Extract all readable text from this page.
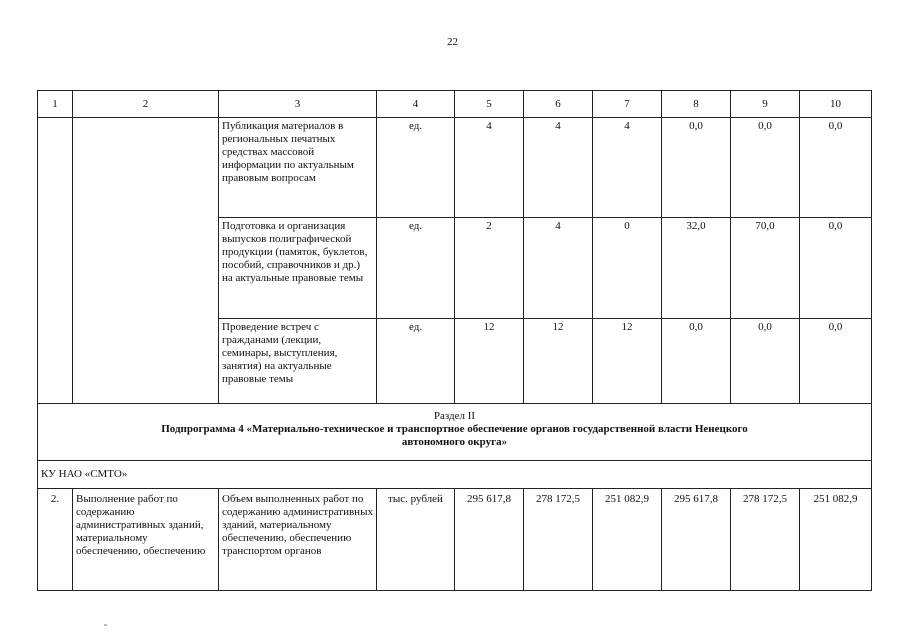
22
1	2	3	4	5	6	7	8	9	10
		Публикация материалов в региональных печатных средствах массовой информации по актуальным правовым вопросам	ед.	4	4	4	0,0	0,0	0,0
		Подготовка и организация выпусков полиграфической продукции (памяток, буклетов, пособий, справочников и др.) на актуальные правовые темы	ед.	2	4	0	32,0	70,0	0,0
		Проведение встреч с гражданами (лекции, семинары, выступления, занятия) на актуальные правовые темы	ед.	12	12	12	0,0	0,0	0,0

Раздел II
Подпрограмма 4 «Материально-техническое и транспортное обеспечение органов государственной власти Ненецкого автономного округа»									

КУ НАО «СМТО»									
2.	Выполнение работ по содержанию административных зданий, материальному обеспечению, обеспечению	Объем выполненных работ по содержанию административных зданий, материальному обеспечению, обеспечению транспортом органов	тыс. рублей	295 617,8	278 172,5	251 082,9	295 617,8	278 172,5	251 082,9
